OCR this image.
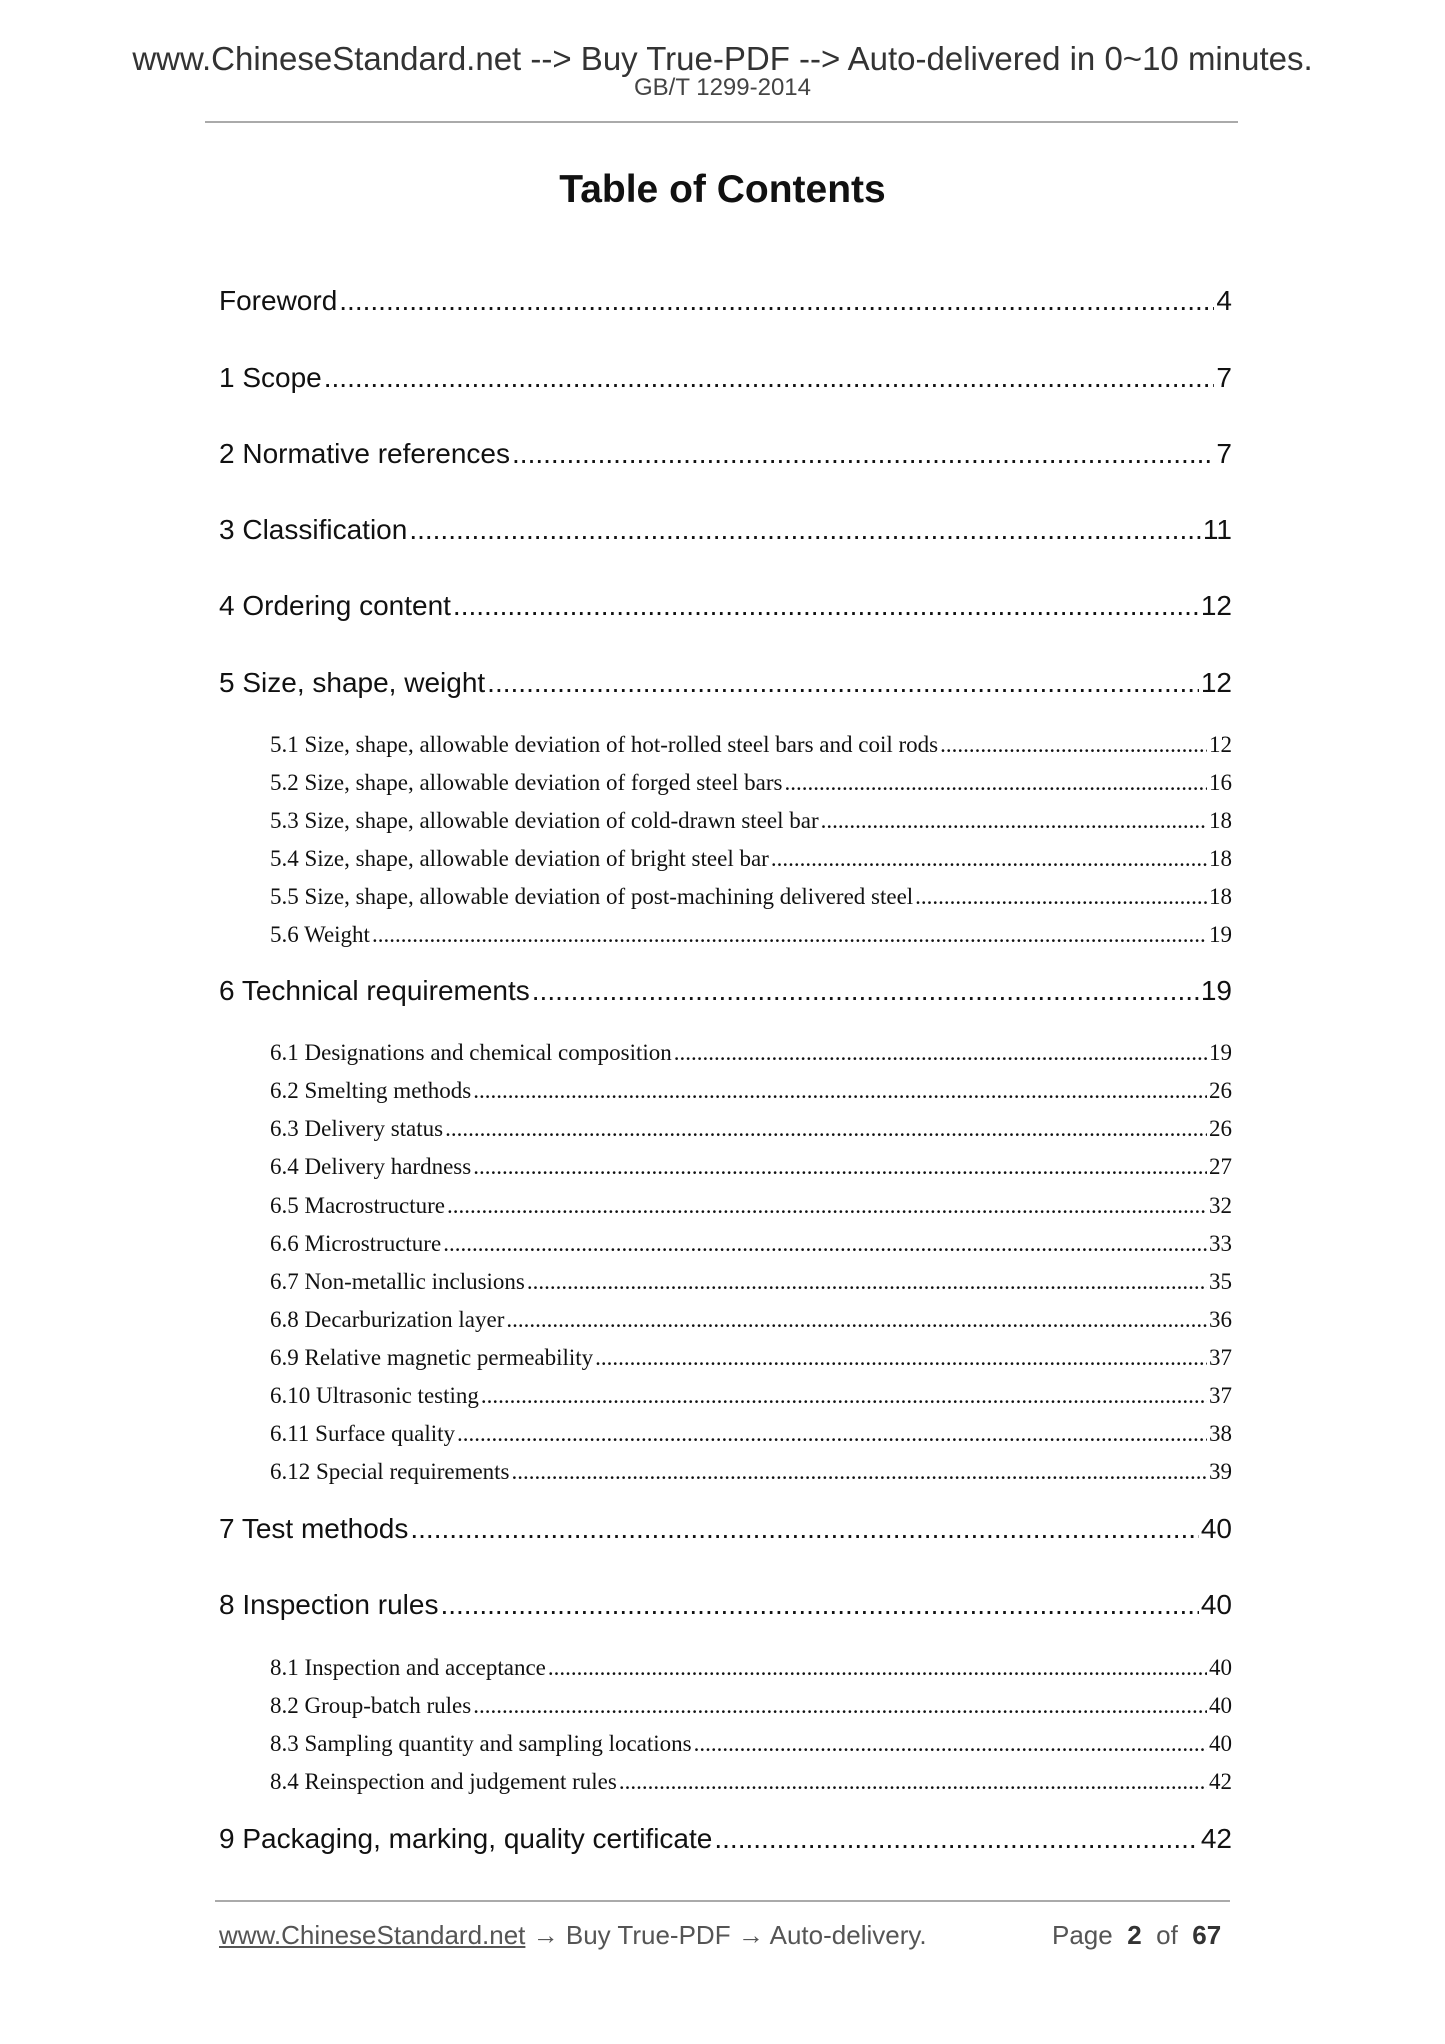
www.ChineseStandard.net --> Buy True-PDF --> Auto-delivered in 0~10 minutes.
GB/T 1299-2014
Table of Contents
Foreword .....	4
1 Scope .....	7
2 Normative references .....	7
3 Classification .....	11
4 Ordering content .....	12
5 Size, shape, weight .....	12
5.1 Size, shape, allowable deviation of hot-rolled steel bars and coil rods .....	12
5.2 Size, shape, allowable deviation of forged steel bars .....	16
5.3 Size, shape, allowable deviation of cold-drawn steel bar .....	18
5.4 Size, shape, allowable deviation of bright steel bar .....	18
5.5 Size, shape, allowable deviation of post-machining delivered steel .....	18
5.6 Weight .....	19
6 Technical requirements .....	19
6.1 Designations and chemical composition .....	19
6.2 Smelting methods .....	26
6.3 Delivery status .....	26
6.4 Delivery hardness .....	27
6.5 Macrostructure .....	32
6.6 Microstructure .....	33
6.7 Non-metallic inclusions .....	35
6.8 Decarburization layer .....	36
6.9 Relative magnetic permeability .....	37
6.10 Ultrasonic testing .....	37
6.11 Surface quality .....	38
6.12 Special requirements .....	39
7 Test methods .....	40
8 Inspection rules .....	40
8.1 Inspection and acceptance .....	40
8.2 Group-batch rules .....	40
8.3 Sampling quantity and sampling locations .....	40
8.4 Reinspection and judgement rules .....	42
9 Packaging, marking, quality certificate .....	42
www.ChineseStandard.net → Buy True-PDF → Auto-delivery.	Page 2 of 67
